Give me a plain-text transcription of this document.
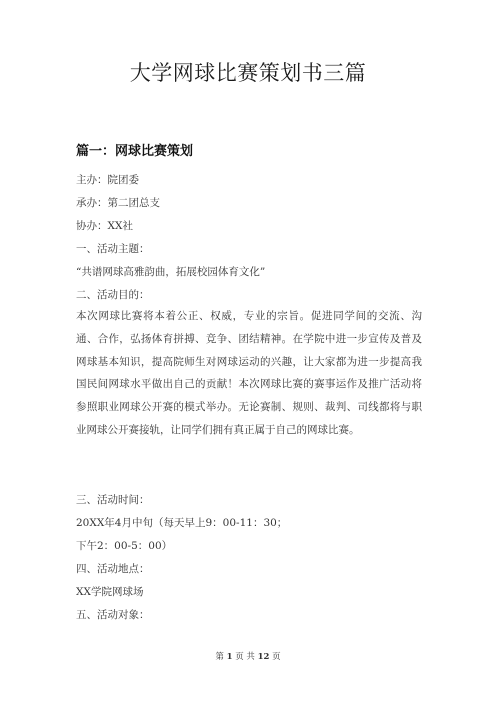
大学网球比赛策划书三篇
篇一：网球比赛策划
主办：院团委
承办：第二团总支
协办：XX社
一、活动主题：
“共谱网球高雅韵曲，拓展校园体育文化”
二、活动目的：
本次网球比赛将本着公正、权威，专业的宗旨。促进同学间的交流、沟通、合作，弘扬体育拼搏、竞争、团结精神。在学院中进一步宣传及普及网球基本知识，提高院师生对网球运动的兴趣，让大家都为进一步提高我国民间网球水平做出自己的贡献！本次网球比赛的赛事运作及推广活动将参照职业网球公开赛的模式举办。无论赛制、规则、裁判、司线都将与职业网球公开赛接轨，让同学们拥有真正属于自己的网球比赛。
三、活动时间：
20XX年4月中旬（每天早上9：00-11：30；
下午2：00-5：00）
四、活动地点：
XX学院网球场
五、活动对象：
第 1 页 共 12 页
